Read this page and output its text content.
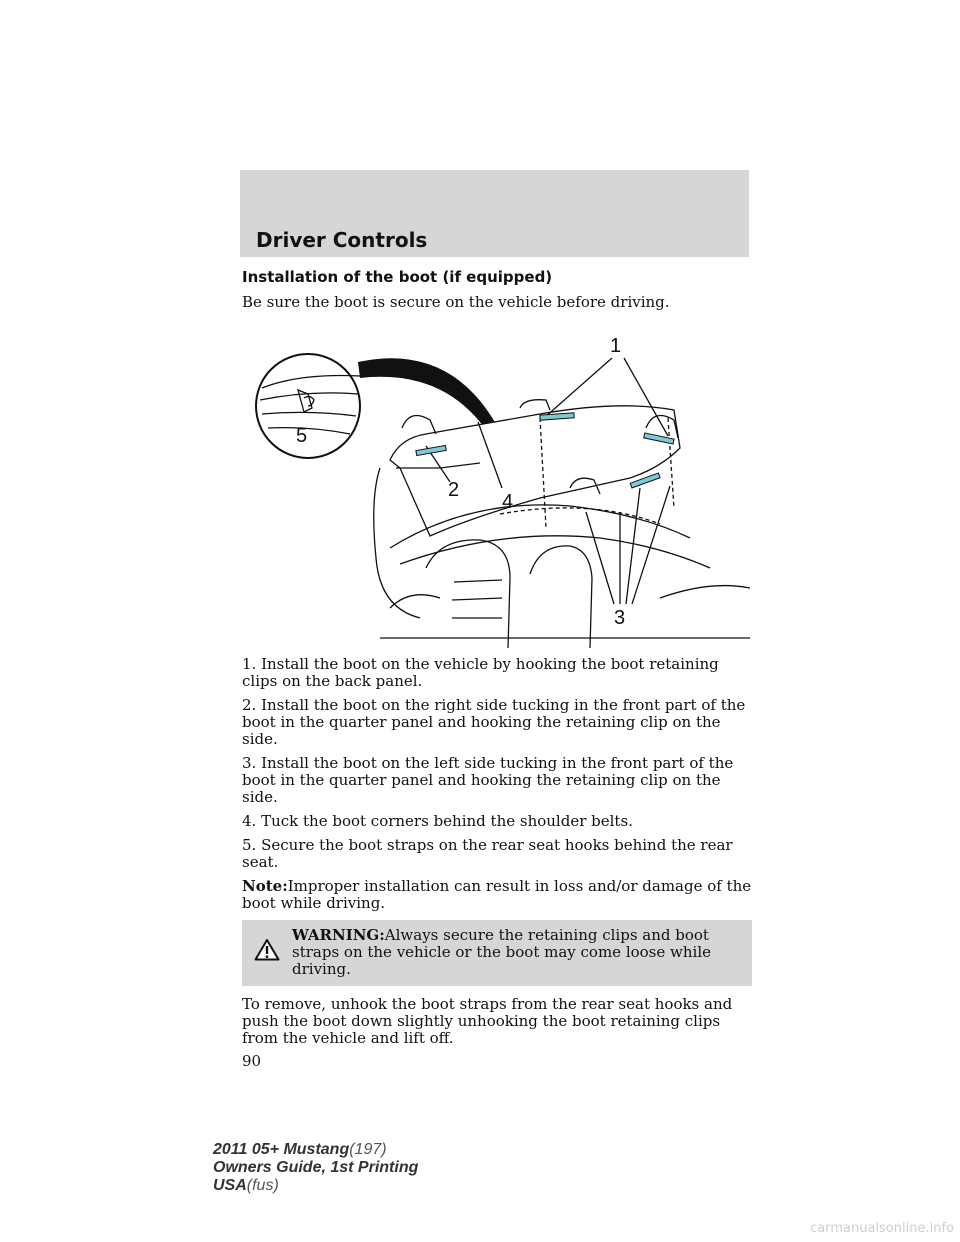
Driver Controls
Installation of the boot (if equipped)

Be sure the boot is secure on the vehicle before driving.

1
2
3
4
5

1. Install the boot on the vehicle by hooking the boot retaining clips on the back panel.

2. Install the boot on the right side tucking in the front part of the boot in the quarter panel and hooking the retaining clip on the side.

3. Install the boot on the left side tucking in the front part of the boot in the quarter panel and hooking the retaining clip on the side.

4. Tuck the boot corners behind the shoulder belts.

5. Secure the boot straps on the rear seat hooks behind the rear seat.

Note:Improper installation can result in loss and/or damage of the boot while driving.

WARNING:Always secure the retaining clips and boot straps on the vehicle or the boot may come loose while driving.

To remove, unhook the boot straps from the rear seat hooks and push the boot down slightly unhooking the boot retaining clips from the vehicle and lift off.

90
2011 05+ Mustang(197)
Owners Guide, 1st Printing
USA(fus)
carmanualsonline.info
